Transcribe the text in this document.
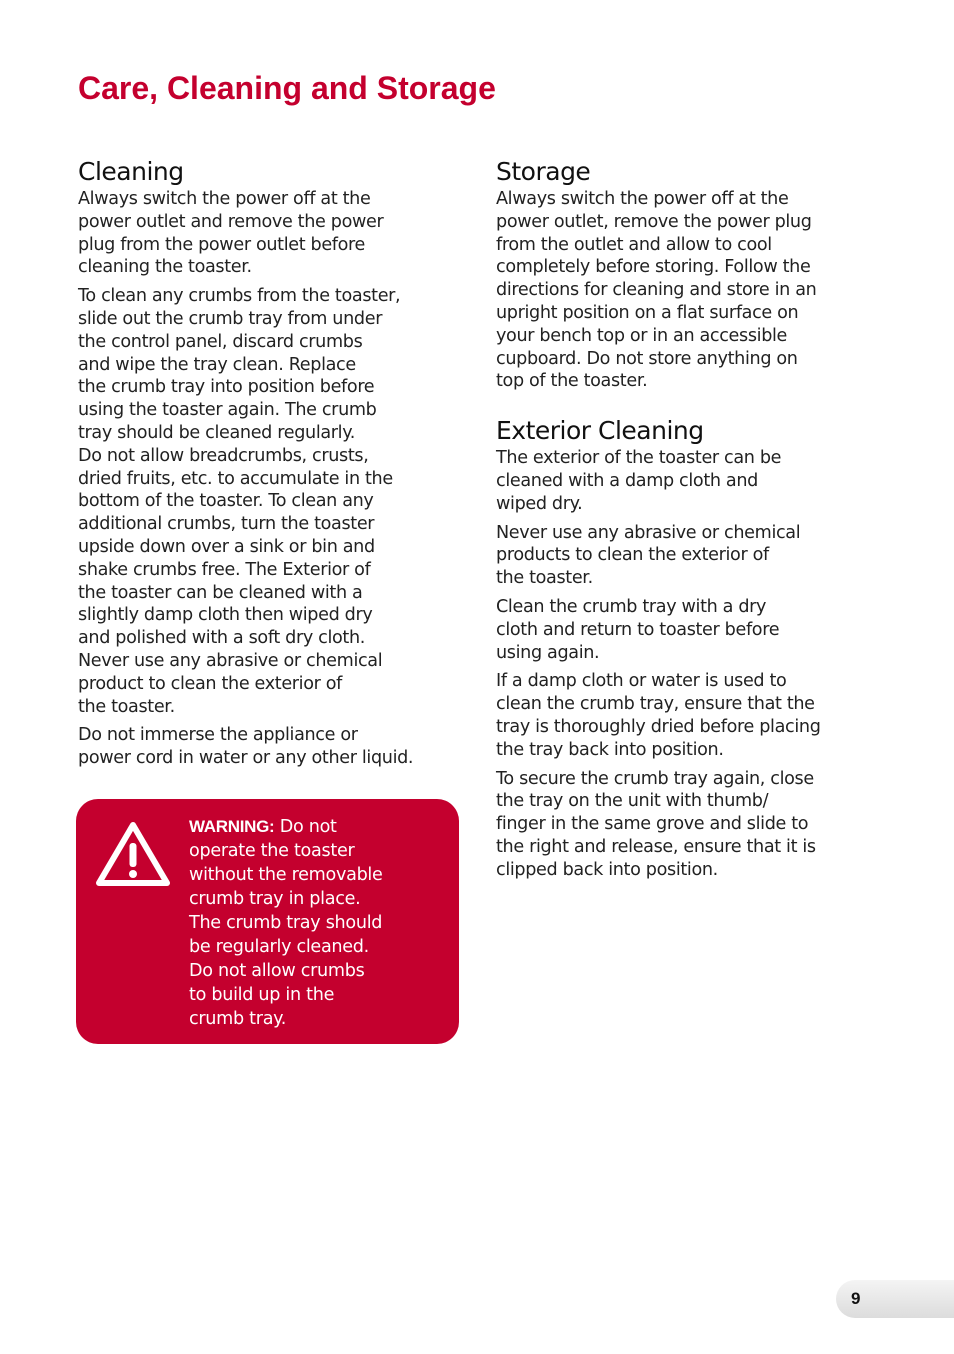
Care, Cleaning and Storage
Cleaning

Always switch the power off at the
power outlet and remove the power
plug from the power outlet before
cleaning the toaster.

To clean any crumbs from the toaster,
slide out the crumb tray from under
the control panel, discard crumbs
and wipe the tray clean. Replace
the crumb tray into position before
using the toaster again. The crumb
tray should be cleaned regularly.
Do not allow breadcrumbs, crusts,
dried fruits, etc. to accumulate in the
bottom of the toaster. To clean any
additional crumbs, turn the toaster
upside down over a sink or bin and
shake crumbs free. The Exterior of
the toaster can be cleaned with a
slightly damp cloth then wiped dry
and polished with a soft dry cloth.
Never use any abrasive or chemical
product to clean the exterior of
the toaster.

Do not immerse the appliance or
power cord in water or any other liquid.

WARNING: Do not
operate the toaster
without the removable
crumb tray in place.
The crumb tray should
be regularly cleaned.
Do not allow crumbs
to build up in the
crumb tray.

Storage

Always switch the power off at the
power outlet, remove the power plug
from the outlet and allow to cool
completely before storing. Follow the
directions for cleaning and store in an
upright position on a flat surface on
your bench top or in an accessible
cupboard. Do not store anything on
top of the toaster.

Exterior Cleaning

The exterior of the toaster can be
cleaned with a damp cloth and
wiped dry.

Never use any abrasive or chemical
products to clean the exterior of
the toaster.

Clean the crumb tray with a dry
cloth and return to toaster before
using again.

If a damp cloth or water is used to
clean the crumb tray, ensure that the
tray is thoroughly dried before placing
the tray back into position.

To secure the crumb tray again, close
the tray on the unit with thumb/
finger in the same grove and slide to
the right and release, ensure that it is
clipped back into position.

9
